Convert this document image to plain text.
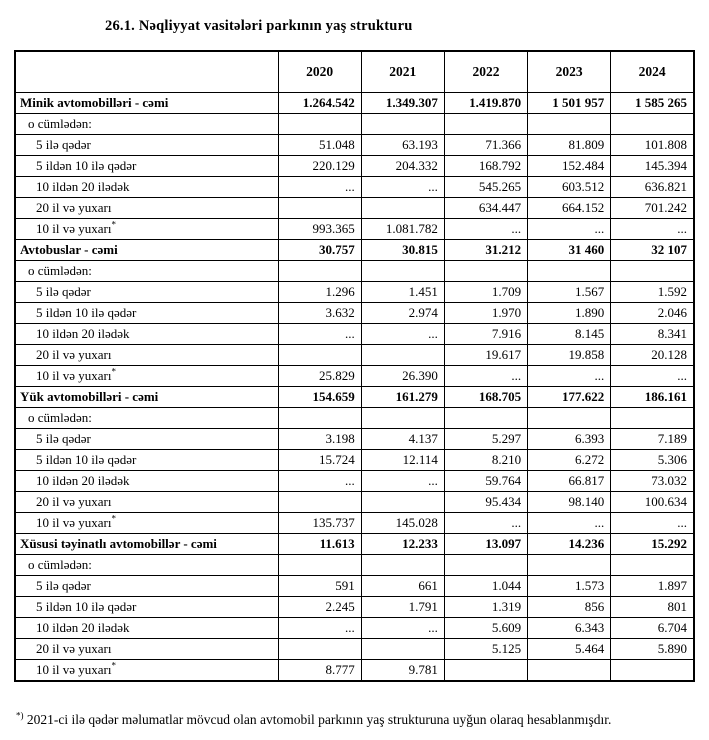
26.1. Nəqliyyat vasitələri parkının yaş strukturu
	2020	2021	2022	2023	2024
Minik avtomobilləri - cəmi	1.264.542	1.349.307	1.419.870	1 501 957	1 585 265
o cümlədən:					
5 ilə qədər	51.048	63.193	71.366	81.809	101.808
5 ildən 10 ilə qədər	220.129	204.332	168.792	152.484	145.394
10 ildən 20 ilədək	...	...	545.265	603.512	636.821
20 il və yuxarı			634.447	664.152	701.242
10 il və yuxarı*	993.365	1.081.782	...	...	...
Avtobuslar - cəmi	30.757	30.815	31.212	31 460	32 107
o cümlədən:					
5 ilə qədər	1.296	1.451	1.709	1.567	1.592
5 ildən 10 ilə qədər	3.632	2.974	1.970	1.890	2.046
10 ildən 20 ilədək	...	...	7.916	8.145	8.341
20 il və yuxarı			19.617	19.858	20.128
10 il və yuxarı*	25.829	26.390	...	...	...
Yük avtomobilləri - cəmi	154.659	161.279	168.705	177.622	186.161
o cümlədən:					
5 ilə qədər	3.198	4.137	5.297	6.393	7.189
5 ildən 10 ilə qədər	15.724	12.114	8.210	6.272	5.306
10 ildən 20 ilədək	...	...	59.764	66.817	73.032
20 il və yuxarı			95.434	98.140	100.634
10 il və yuxarı*	135.737	145.028	...	...	...
Xüsusi təyinatlı avtomobillər - cəmi	11.613	12.233	13.097	14.236	15.292
o cümlədən:					
5 ilə qədər	591	661	1.044	1.573	1.897
5 ildən 10 ilə qədər	2.245	1.791	1.319	856	801
10 ildən 20 ilədək	...	...	5.609	6.343	6.704
20 il və yuxarı			5.125	5.464	5.890
10 il və yuxarı*	8.777	9.781			
*) 2021-ci ilə qədər məlumatlar mövcud olan avtomobil parkının yaş strukturuna uyğun olaraq hesablanmışdır.
